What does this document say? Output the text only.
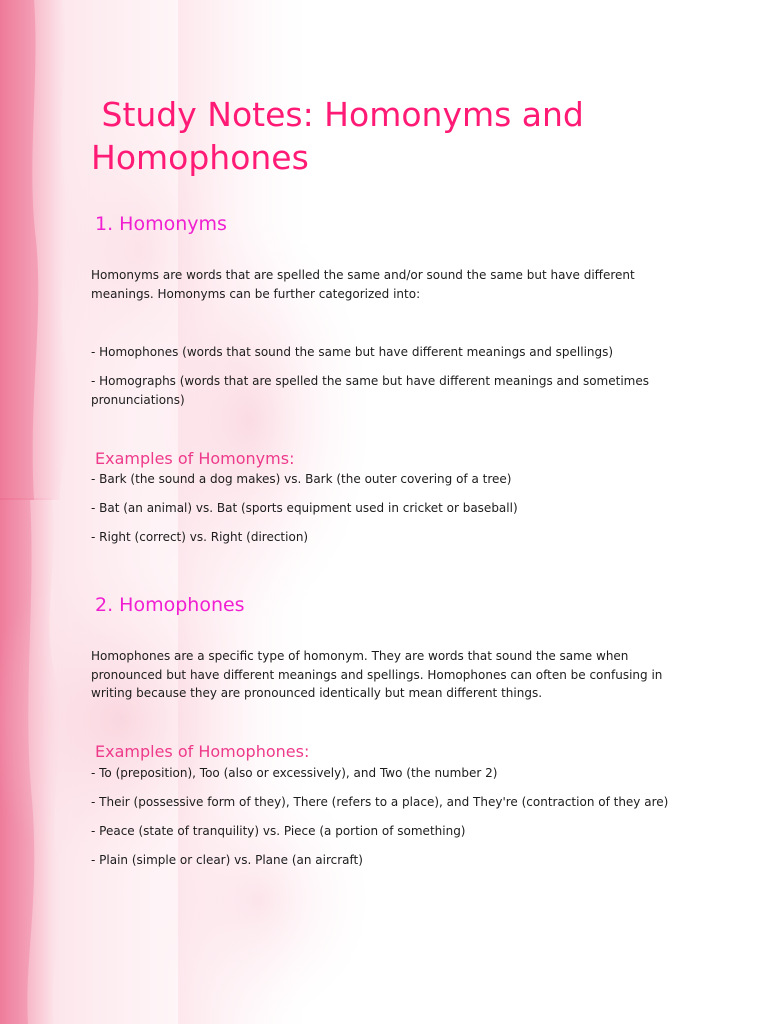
Study Notes: Homonyms and Homophones
1. Homonyms

Homonyms are words that are spelled the same and/or sound the same but have different meanings. Homonyms can be further categorized into:

- Homophones (words that sound the same but have different meanings and spellings)

- Homographs (words that are spelled the same but have different meanings and sometimes pronunciations)

Examples of Homonyms:

- Bark (the sound a dog makes) vs. Bark (the outer covering of a tree)

- Bat (an animal) vs. Bat (sports equipment used in cricket or baseball)

- Right (correct) vs. Right (direction)

2. Homophones

Homophones are a specific type of homonym. They are words that sound the same when pronounced but have different meanings and spellings. Homophones can often be confusing in writing because they are pronounced identically but mean different things.

Examples of Homophones:

- To (preposition), Too (also or excessively), and Two (the number 2)

- Their (possessive form of they), There (refers to a place), and They're (contraction of they are)

- Peace (state of tranquility) vs. Piece (a portion of something)

- Plain (simple or clear) vs. Plane (an aircraft)
